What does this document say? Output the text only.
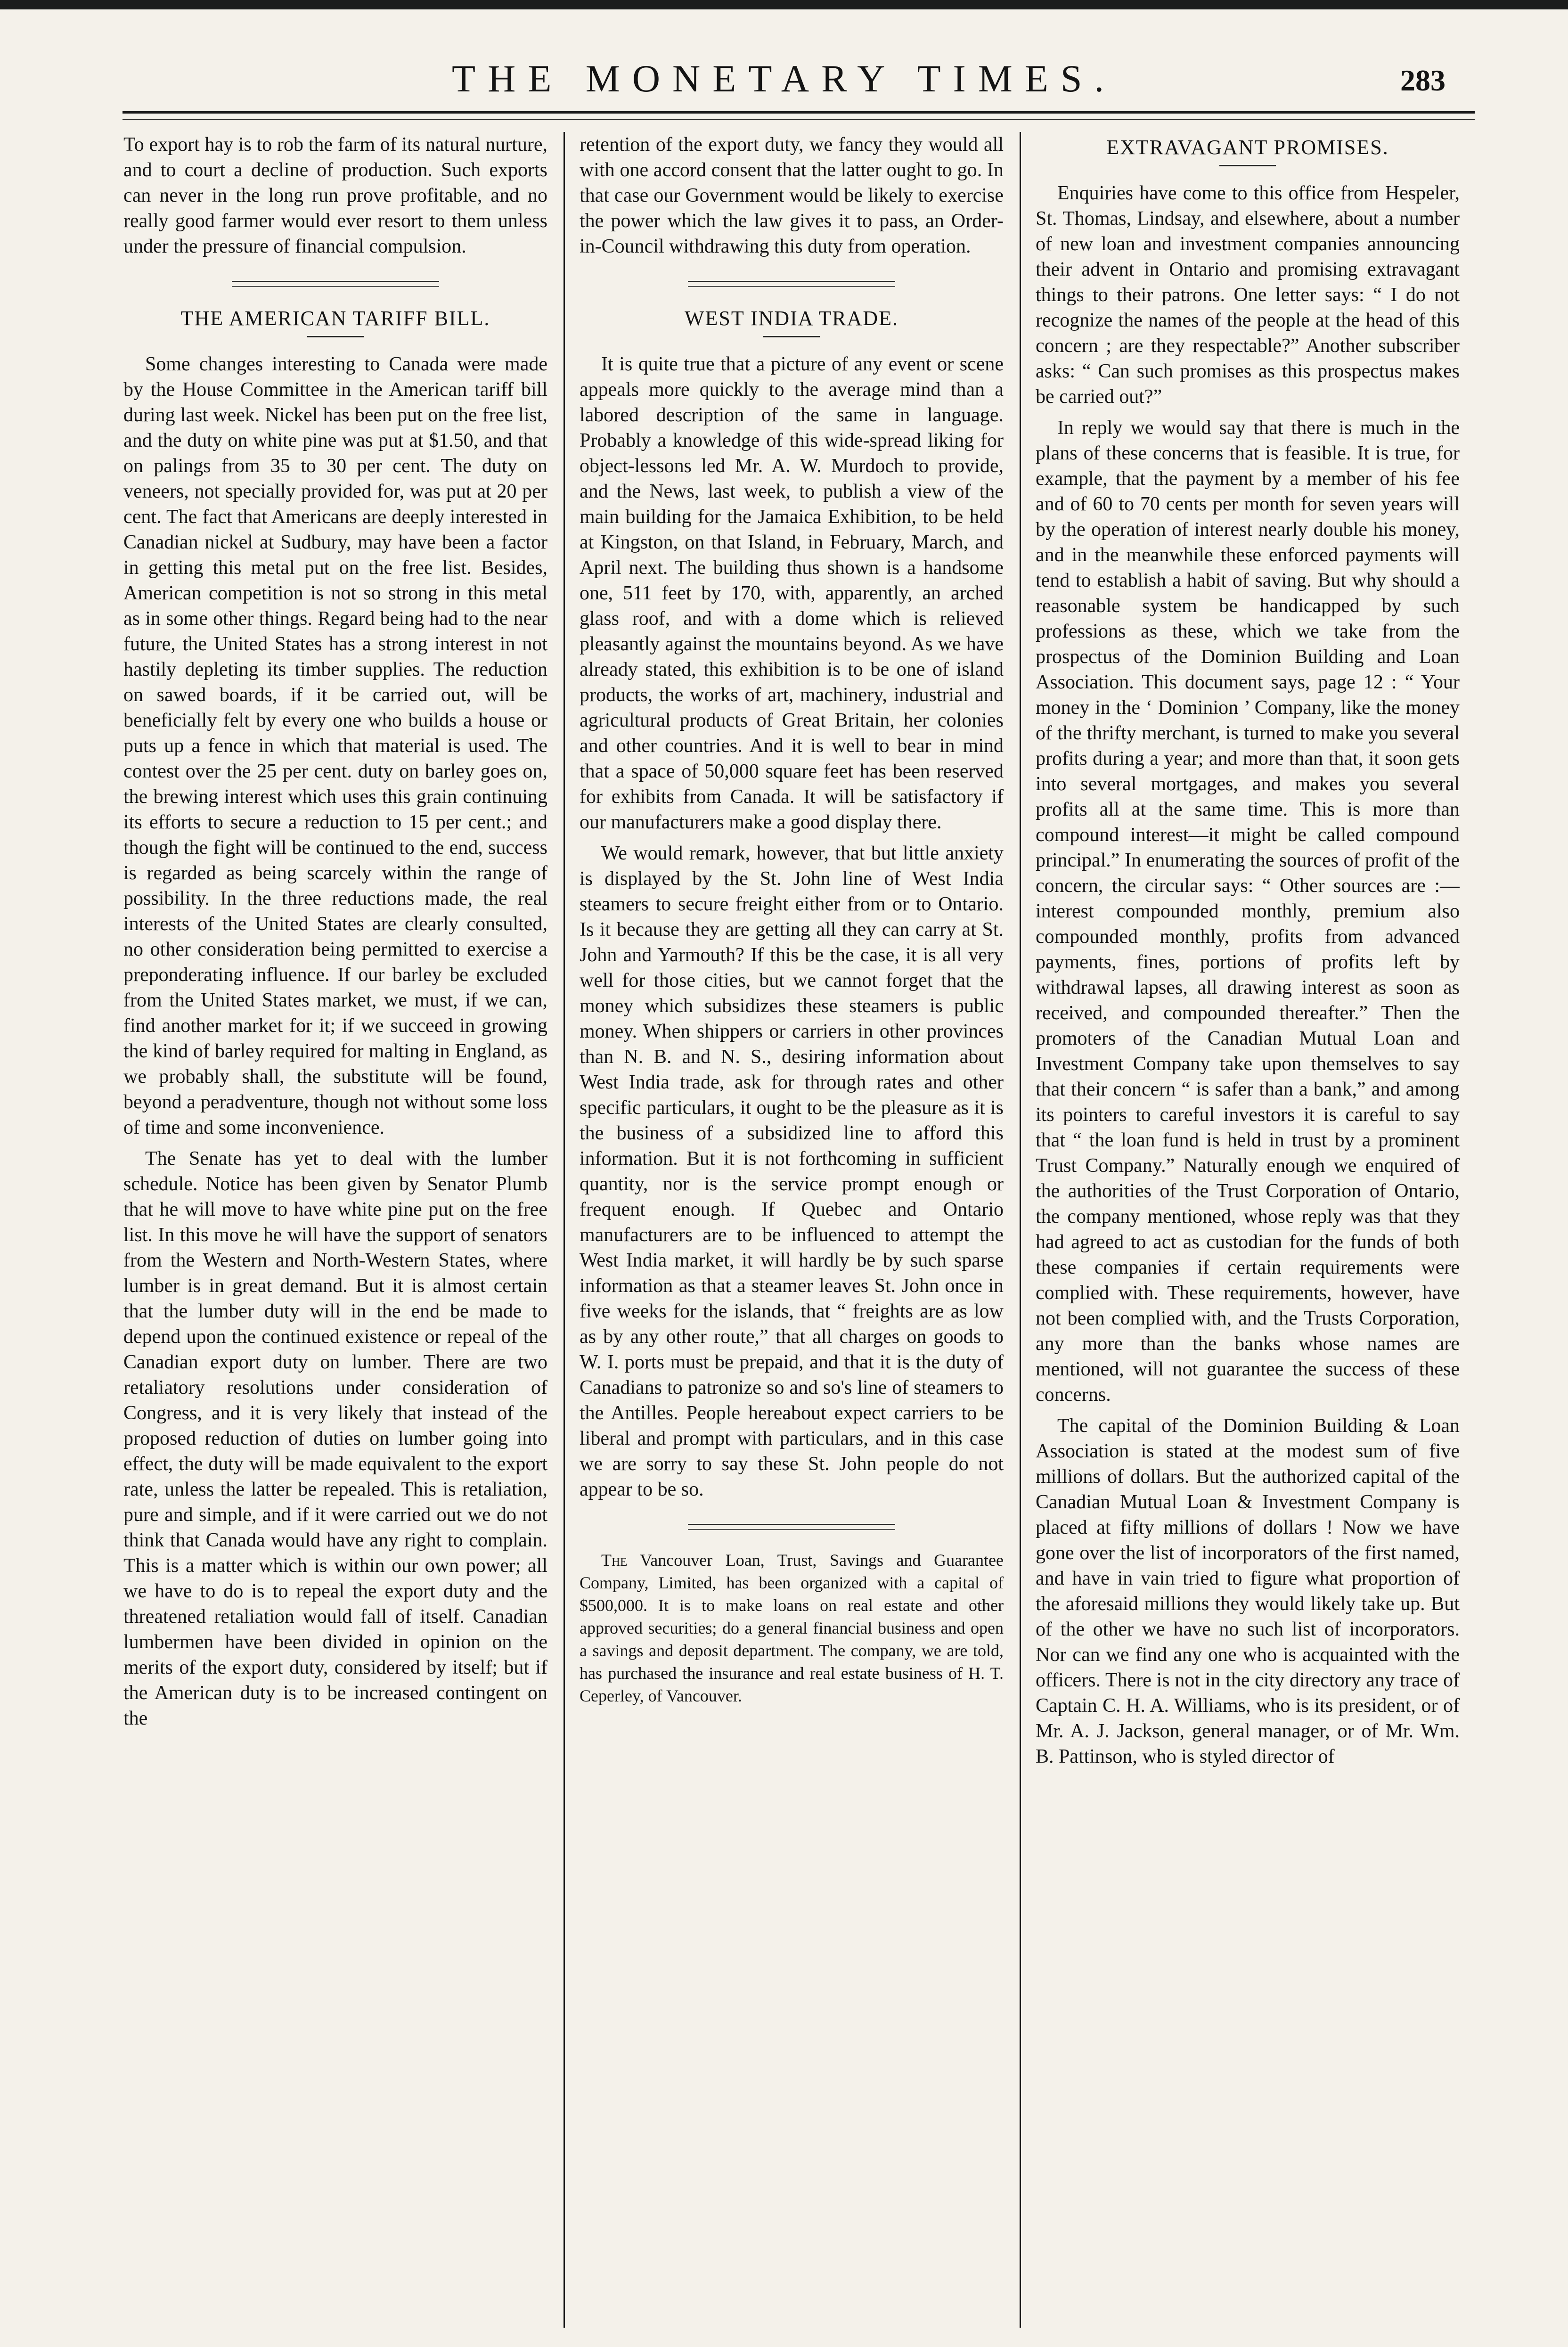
THE MONETARY TIMES.	283

To export hay is to rob the farm of its natural nurture, and to court a decline of production. Such exports can never in the long run prove profitable, and no really good farmer would ever resort to them unless under the pressure of financial compulsion.

THE AMERICAN TARIFF BILL.

Some changes interesting to Canada were made by the House Committee in the American tariff bill during last week. Nickel has been put on the free list, and the duty on white pine was put at $1.50, and that on palings from 35 to 30 per cent. The duty on veneers, not specially provided for, was put at 20 per cent. The fact that Americans are deeply interested in Canadian nickel at Sudbury, may have been a factor in getting this metal put on the free list. Besides, American competition is not so strong in this metal as in some other things. Regard being had to the near future, the United States has a strong interest in not hastily depleting its timber supplies. The reduction on sawed boards, if it be carried out, will be beneficially felt by every one who builds a house or puts up a fence in which that material is used. The contest over the 25 per cent. duty on barley goes on, the brewing interest which uses this grain continuing its efforts to secure a reduction to 15 per cent.; and though the fight will be continued to the end, success is regarded as being scarcely within the range of possibility. In the three reductions made, the real interests of the United States are clearly consulted, no other consideration being permitted to exercise a preponderating influence. If our barley be excluded from the United States market, we must, if we can, find another market for it; if we succeed in growing the kind of barley required for malting in England, as we probably shall, the substitute will be found, beyond a peradventure, though not without some loss of time and some inconvenience.

The Senate has yet to deal with the lumber schedule. Notice has been given by Senator Plumb that he will move to have white pine put on the free list. In this move he will have the support of senators from the Western and North-Western States, where lumber is in great demand. But it is almost certain that the lumber duty will in the end be made to depend upon the continued existence or repeal of the Canadian export duty on lumber. There are two retaliatory resolutions under consideration of Congress, and it is very likely that instead of the proposed reduction of duties on lumber going into effect, the duty will be made equivalent to the export rate, unless the latter be repealed. This is retaliation, pure and simple, and if it were carried out we do not think that Canada would have any right to complain. This is a matter which is within our own power; all we have to do is to repeal the export duty and the threatened retaliation would fall of itself. Canadian lumbermen have been divided in opinion on the merits of the export duty, considered by itself; but if the American duty is to be increased contingent on the

retention of the export duty, we fancy they would all with one accord consent that the latter ought to go. In that case our Government would be likely to exercise the power which the law gives it to pass, an Order-in-Council withdrawing this duty from operation.

WEST INDIA TRADE.

It is quite true that a picture of any event or scene appeals more quickly to the average mind than a labored description of the same in language. Probably a knowledge of this wide-spread liking for object-lessons led Mr. A. W. Murdoch to provide, and the News, last week, to publish a view of the main building for the Jamaica Exhibition, to be held at Kingston, on that Island, in February, March, and April next. The building thus shown is a handsome one, 511 feet by 170, with, apparently, an arched glass roof, and with a dome which is relieved pleasantly against the mountains beyond. As we have already stated, this exhibition is to be one of island products, the works of art, machinery, industrial and agricultural products of Great Britain, her colonies and other countries. And it is well to bear in mind that a space of 50,000 square feet has been reserved for exhibits from Canada. It will be satisfactory if our manufacturers make a good display there.

We would remark, however, that but little anxiety is displayed by the St. John line of West India steamers to secure freight either from or to Ontario. Is it because they are getting all they can carry at St. John and Yarmouth? If this be the case, it is all very well for those cities, but we cannot forget that the money which subsidizes these steamers is public money. When shippers or carriers in other provinces than N. B. and N. S., desiring information about West India trade, ask for through rates and other specific particulars, it ought to be the pleasure as it is the business of a subsidized line to afford this information. But it is not forthcoming in sufficient quantity, nor is the service prompt enough or frequent enough. If Quebec and Ontario manufacturers are to be influenced to attempt the West India market, it will hardly be by such sparse information as that a steamer leaves St. John once in five weeks for the islands, that “ freights are as low as by any other route,” that all charges on goods to W. I. ports must be prepaid, and that it is the duty of Canadians to patronize so and so's line of steamers to the Antilles. People hereabout expect carriers to be liberal and prompt with particulars, and in this case we are sorry to say these St. John people do not appear to be so.

The Vancouver Loan, Trust, Savings and Guarantee Company, Limited, has been organized with a capital of $500,000. It is to make loans on real estate and other approved securities; do a general financial business and open a savings and deposit department. The company, we are told, has purchased the insurance and real estate business of H. T. Ceperley, of Vancouver.

EXTRAVAGANT PROMISES.

Enquiries have come to this office from Hespeler, St. Thomas, Lindsay, and elsewhere, about a number of new loan and investment companies announcing their advent in Ontario and promising extravagant things to their patrons. One letter says: “ I do not recognize the names of the people at the head of this concern ; are they respectable?” Another subscriber asks: “ Can such promises as this prospectus makes be carried out?”

In reply we would say that there is much in the plans of these concerns that is feasible. It is true, for example, that the payment by a member of his fee and of 60 to 70 cents per month for seven years will by the operation of interest nearly double his money, and in the meanwhile these enforced payments will tend to establish a habit of saving. But why should a reasonable system be handicapped by such professions as these, which we take from the prospectus of the Dominion Building and Loan Association. This document says, page 12 : “ Your money in the ‘ Dominion ’ Company, like the money of the thrifty merchant, is turned to make you several profits during a year; and more than that, it soon gets into several mortgages, and makes you several profits all at the same time. This is more than compound interest—it might be called compound principal.” In enumerating the sources of profit of the concern, the circular says: “ Other sources are :—interest compounded monthly, premium also compounded monthly, profits from advanced payments, fines, portions of profits left by withdrawal lapses, all drawing interest as soon as received, and compounded thereafter.” Then the promoters of the Canadian Mutual Loan and Investment Company take upon themselves to say that their concern “ is safer than a bank,” and among its pointers to careful investors it is careful to say that “ the loan fund is held in trust by a prominent Trust Company.” Naturally enough we enquired of the authorities of the Trust Corporation of Ontario, the company mentioned, whose reply was that they had agreed to act as custodian for the funds of both these companies if certain requirements were complied with. These requirements, however, have not been complied with, and the Trusts Corporation, any more than the banks whose names are mentioned, will not guarantee the success of these concerns.

The capital of the Dominion Building & Loan Association is stated at the modest sum of five millions of dollars. But the authorized capital of the Canadian Mutual Loan & Investment Company is placed at fifty millions of dollars ! Now we have gone over the list of incorporators of the first named, and have in vain tried to figure what proportion of the aforesaid millions they would likely take up. But of the other we have no such list of incorporators. Nor can we find any one who is acquainted with the officers. There is not in the city directory any trace of Captain C. H. A. Williams, who is its president, or of Mr. A. J. Jackson, general manager, or of Mr. Wm. B. Pattinson, who is styled director of
